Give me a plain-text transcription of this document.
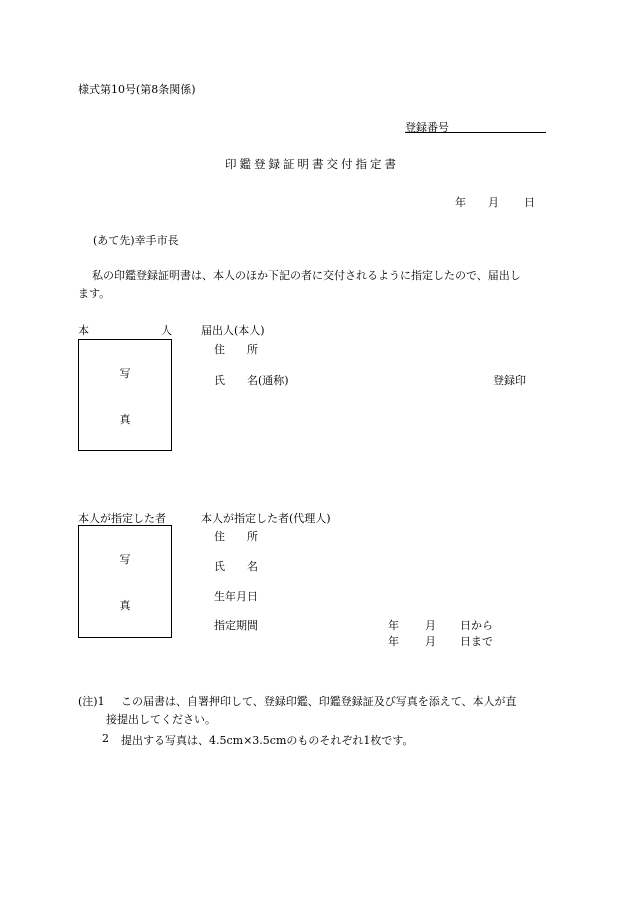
様式第10号(第8条関係)
登録番号
印鑑登録証明書交付指定書
年 月 日
(あて先)幸手市長
私の印鑑登録証明書は、本人のほか下記の者に交付されるように指定したので、届出し
ます。
本	人
写
真
届出人(本人)
住 所
氏 名(通称)	登録印
本人が指定した者
写
真
本人が指定した者(代理人)
住 所
氏 名
生年月日
指定期間	年 月 日から
年 月 日まで
(注)1 この届書は、自署押印して、登録印鑑、印鑑登録証及び写真を添えて、本人が直
接提出してください。
2 提出する写真は、4.5cm×3.5cmのものそれぞれ1枚です。
